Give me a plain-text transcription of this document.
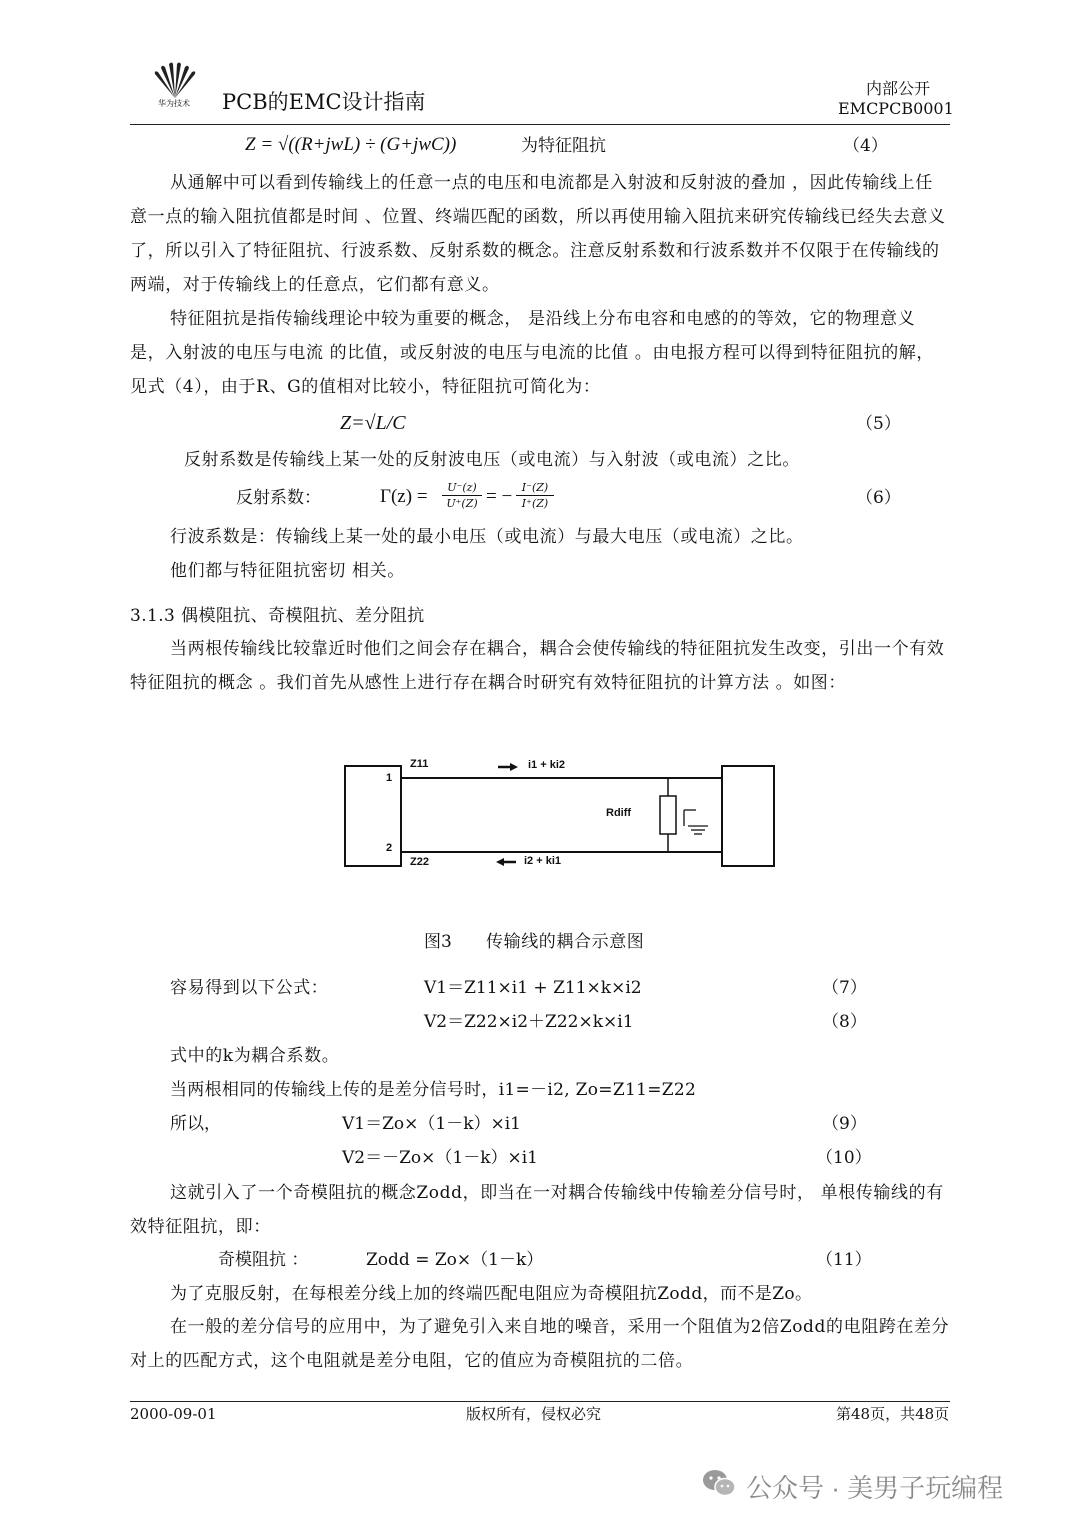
华为技术 PCB的EMC设计指南
内部公开
EMCPCB0001
Z = √((R+jwL) ÷ (G+jwC))	为特征阻抗	（4）

从通解中可以看到传输线上的任意一点的电压和电流都是入射波和反射波的叠加 ，因此传输线上任意一点的输入阻抗值都是时间 、位置、终端匹配的函数，所以再使用输入阻抗来研究传输线已经失去意义了，所以引入了特征阻抗、行波系数、反射系数的概念。注意反射系数和行波系数并不仅限于在传输线的两端，对于传输线上的任意点，它们都有意义。

特征阻抗是指传输线理论中较为重要的概念， 是沿线上分布电容和电感的的等效，它的物理意义是，入射波的电压与电流 的比值，或反射波的电压与电流的比值 。由电报方程可以得到特征阻抗的解，见式（4），由于R、G的值相对比较小，特征阻抗可简化为：

Z=√L/C	（5）
反射系数是传输线上某一处的反射波电压（或电流）与入射波（或电流）之比。
反射系数：	$\Gamma(z) = \frac{U^-(z)}{U^+(Z)}$ = − $\frac{I^-(Z)}{I^+(Z)}$	（6）
行波系数是：传输线上某一处的最小电压（或电流）与最大电压（或电流）之比。
他们都与特征阻抗密切 相关。
3.1.3 偶模阻抗、奇模阻抗、差分阻抗

当两根传输线比较靠近时他们之间会存在耦合，耦合会使传输线的特征阻抗发生改变，引出一个有效特征阻抗的概念 。我们首先从感性上进行存在耦合时研究有效特征阻抗的计算方法 。如图：

Z11
Z22
1
2
i1 + ki2
i2 + ki1
Rdiff
图3 传输线的耦合示意图
容易得到以下公式：	V1＝Z11×i1 + Z11×k×i2	（7）
V2＝Z22×i2＋Z22×k×i1	（8）
式中的k为耦合系数。
当两根相同的传输线上传的是差分信号时，i1=－i2, Zo=Z11=Z22
所以，	V1＝Zo×（1－k）×i1	（9）
V2＝－Zo×（1－k）×i1	（10）

这就引入了一个奇模阻抗的概念Zodd，即当在一对耦合传输线中传输差分信号时， 单根传输线的有效特征阻抗，即：

奇模阻抗 ：	Zodd = Zo×（1－k）	（11）
为了克服反射，在每根差分线上加的终端匹配电阻应为奇模阻抗Zodd，而不是Zo。

在一般的差分信号的应用中，为了避免引入来自地的噪音，采用一个阻值为2倍Zodd的电阻跨在差分对上的匹配方式，这个电阻就是差分电阻，它的值应为奇模阻抗的二倍。

2000-09-01	版权所有，侵权必究	第48页，共48页
公众号 · 美男子玩编程
